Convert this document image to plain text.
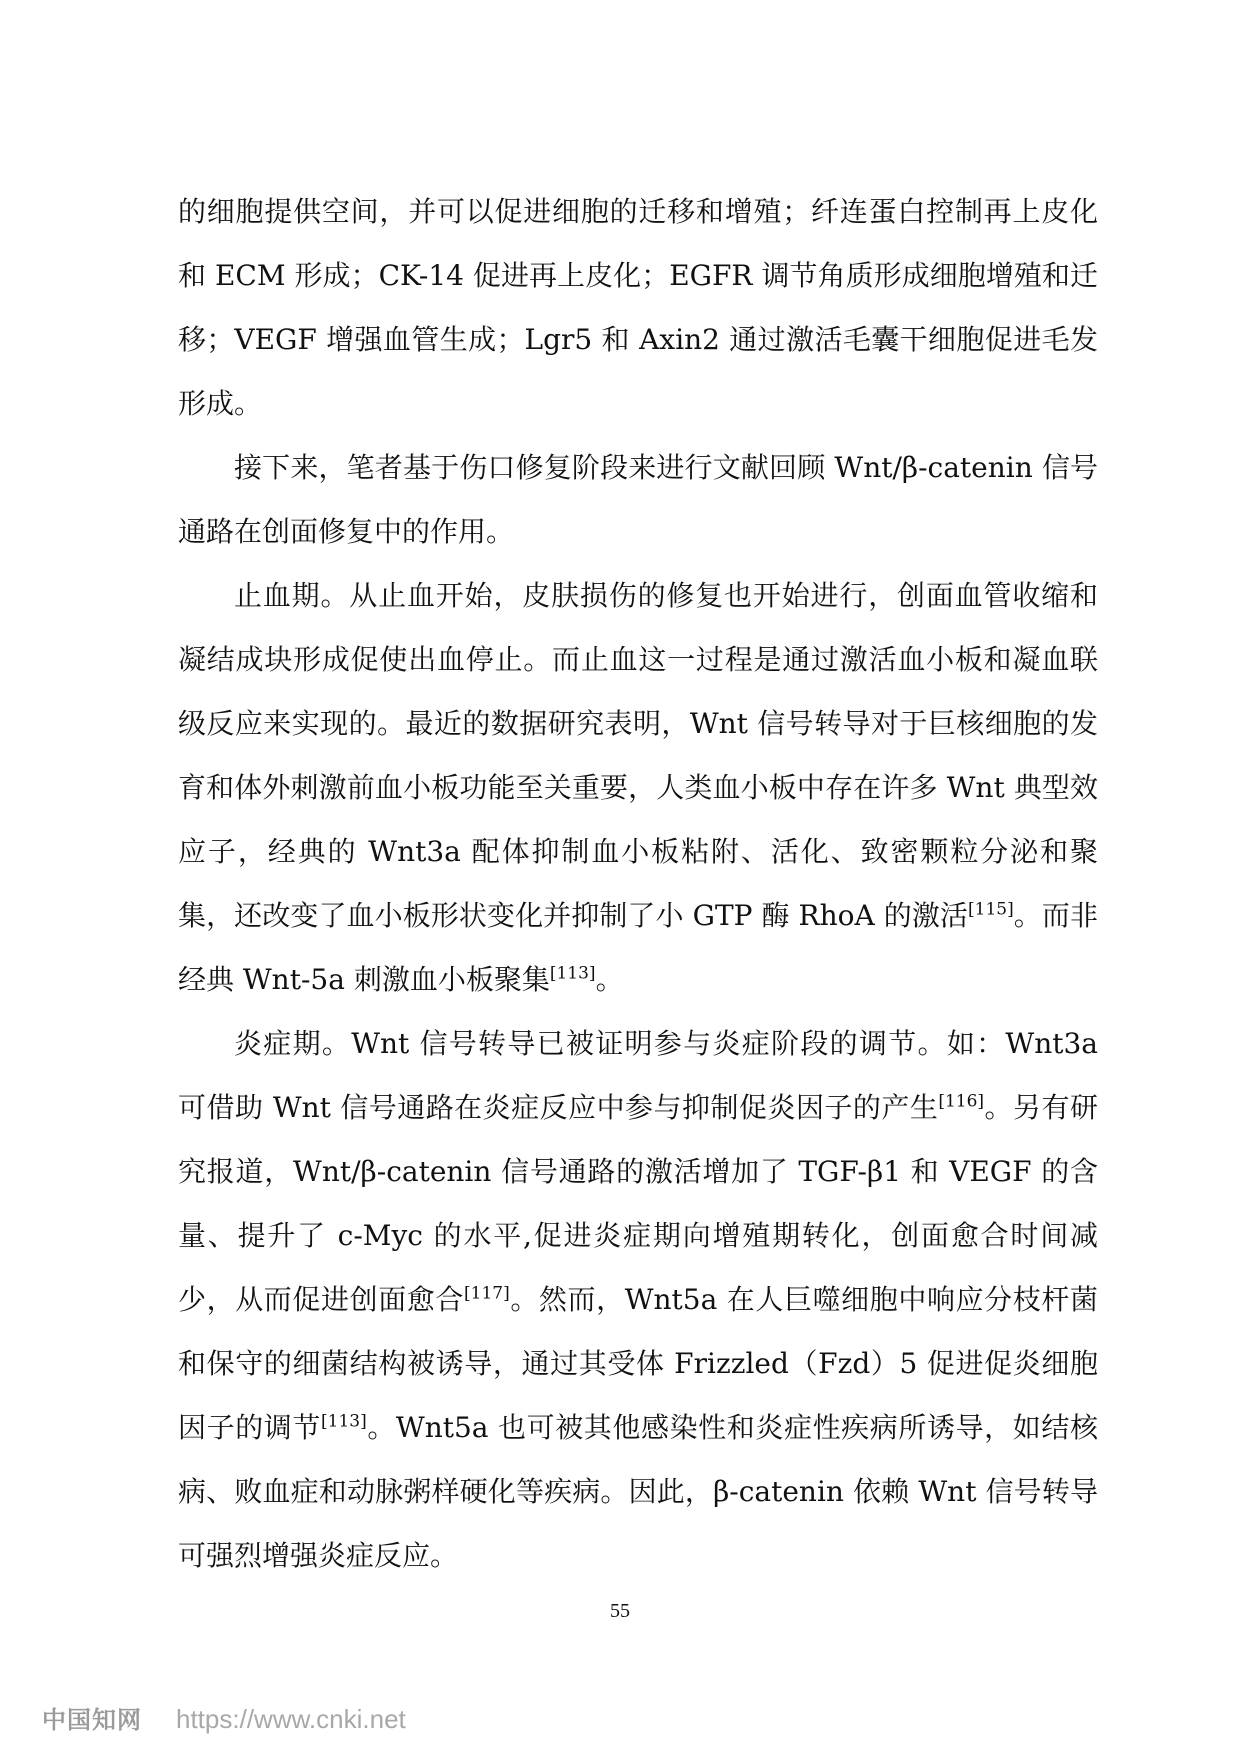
的细胞提供空间，并可以促进细胞的迁移和增殖；纤连蛋白控制再上皮化和 ECM 形成；CK-14 促进再上皮化；EGFR 调节角质形成细胞增殖和迁移；VEGF 增强血管生成；Lgr5 和 Axin2 通过激活毛囊干细胞促进毛发形成。

接下来，笔者基于伤口修复阶段来进行文献回顾 Wnt/β-catenin 信号通路在创面修复中的作用。

止血期。从止血开始，皮肤损伤的修复也开始进行，创面血管收缩和凝结成块形成促使出血停止。而止血这一过程是通过激活血小板和凝血联级反应来实现的。最近的数据研究表明，Wnt 信号转导对于巨核细胞的发育和体外刺激前血小板功能至关重要，人类血小板中存在许多 Wnt 典型效应子，经典的 Wnt3a 配体抑制血小板粘附、活化、致密颗粒分泌和聚集，还改变了血小板形状变化并抑制了小 GTP 酶 RhoA 的激活[115]。而非经典 Wnt-5a 刺激血小板聚集[113]。

炎症期。Wnt 信号转导已被证明参与炎症阶段的调节。如：Wnt3a 可借助 Wnt 信号通路在炎症反应中参与抑制促炎因子的产生[116]。另有研究报道，Wnt/β-catenin 信号通路的激活增加了 TGF-β1 和 VEGF 的含量、提升了 c-Myc 的水平,促进炎症期向增殖期转化，创面愈合时间减少，从而促进创面愈合[117]。然而，Wnt5a 在人巨噬细胞中响应分枝杆菌和保守的细菌结构被诱导，通过其受体 Frizzled（Fzd）5 促进促炎细胞因子的调节[113]。Wnt5a 也可被其他感染性和炎症性疾病所诱导，如结核病、败血症和动脉粥样硬化等疾病。因此，β-catenin 依赖 Wnt 信号转导可强烈增强炎症反应。

55
中国知网 https://www.cnki.net
